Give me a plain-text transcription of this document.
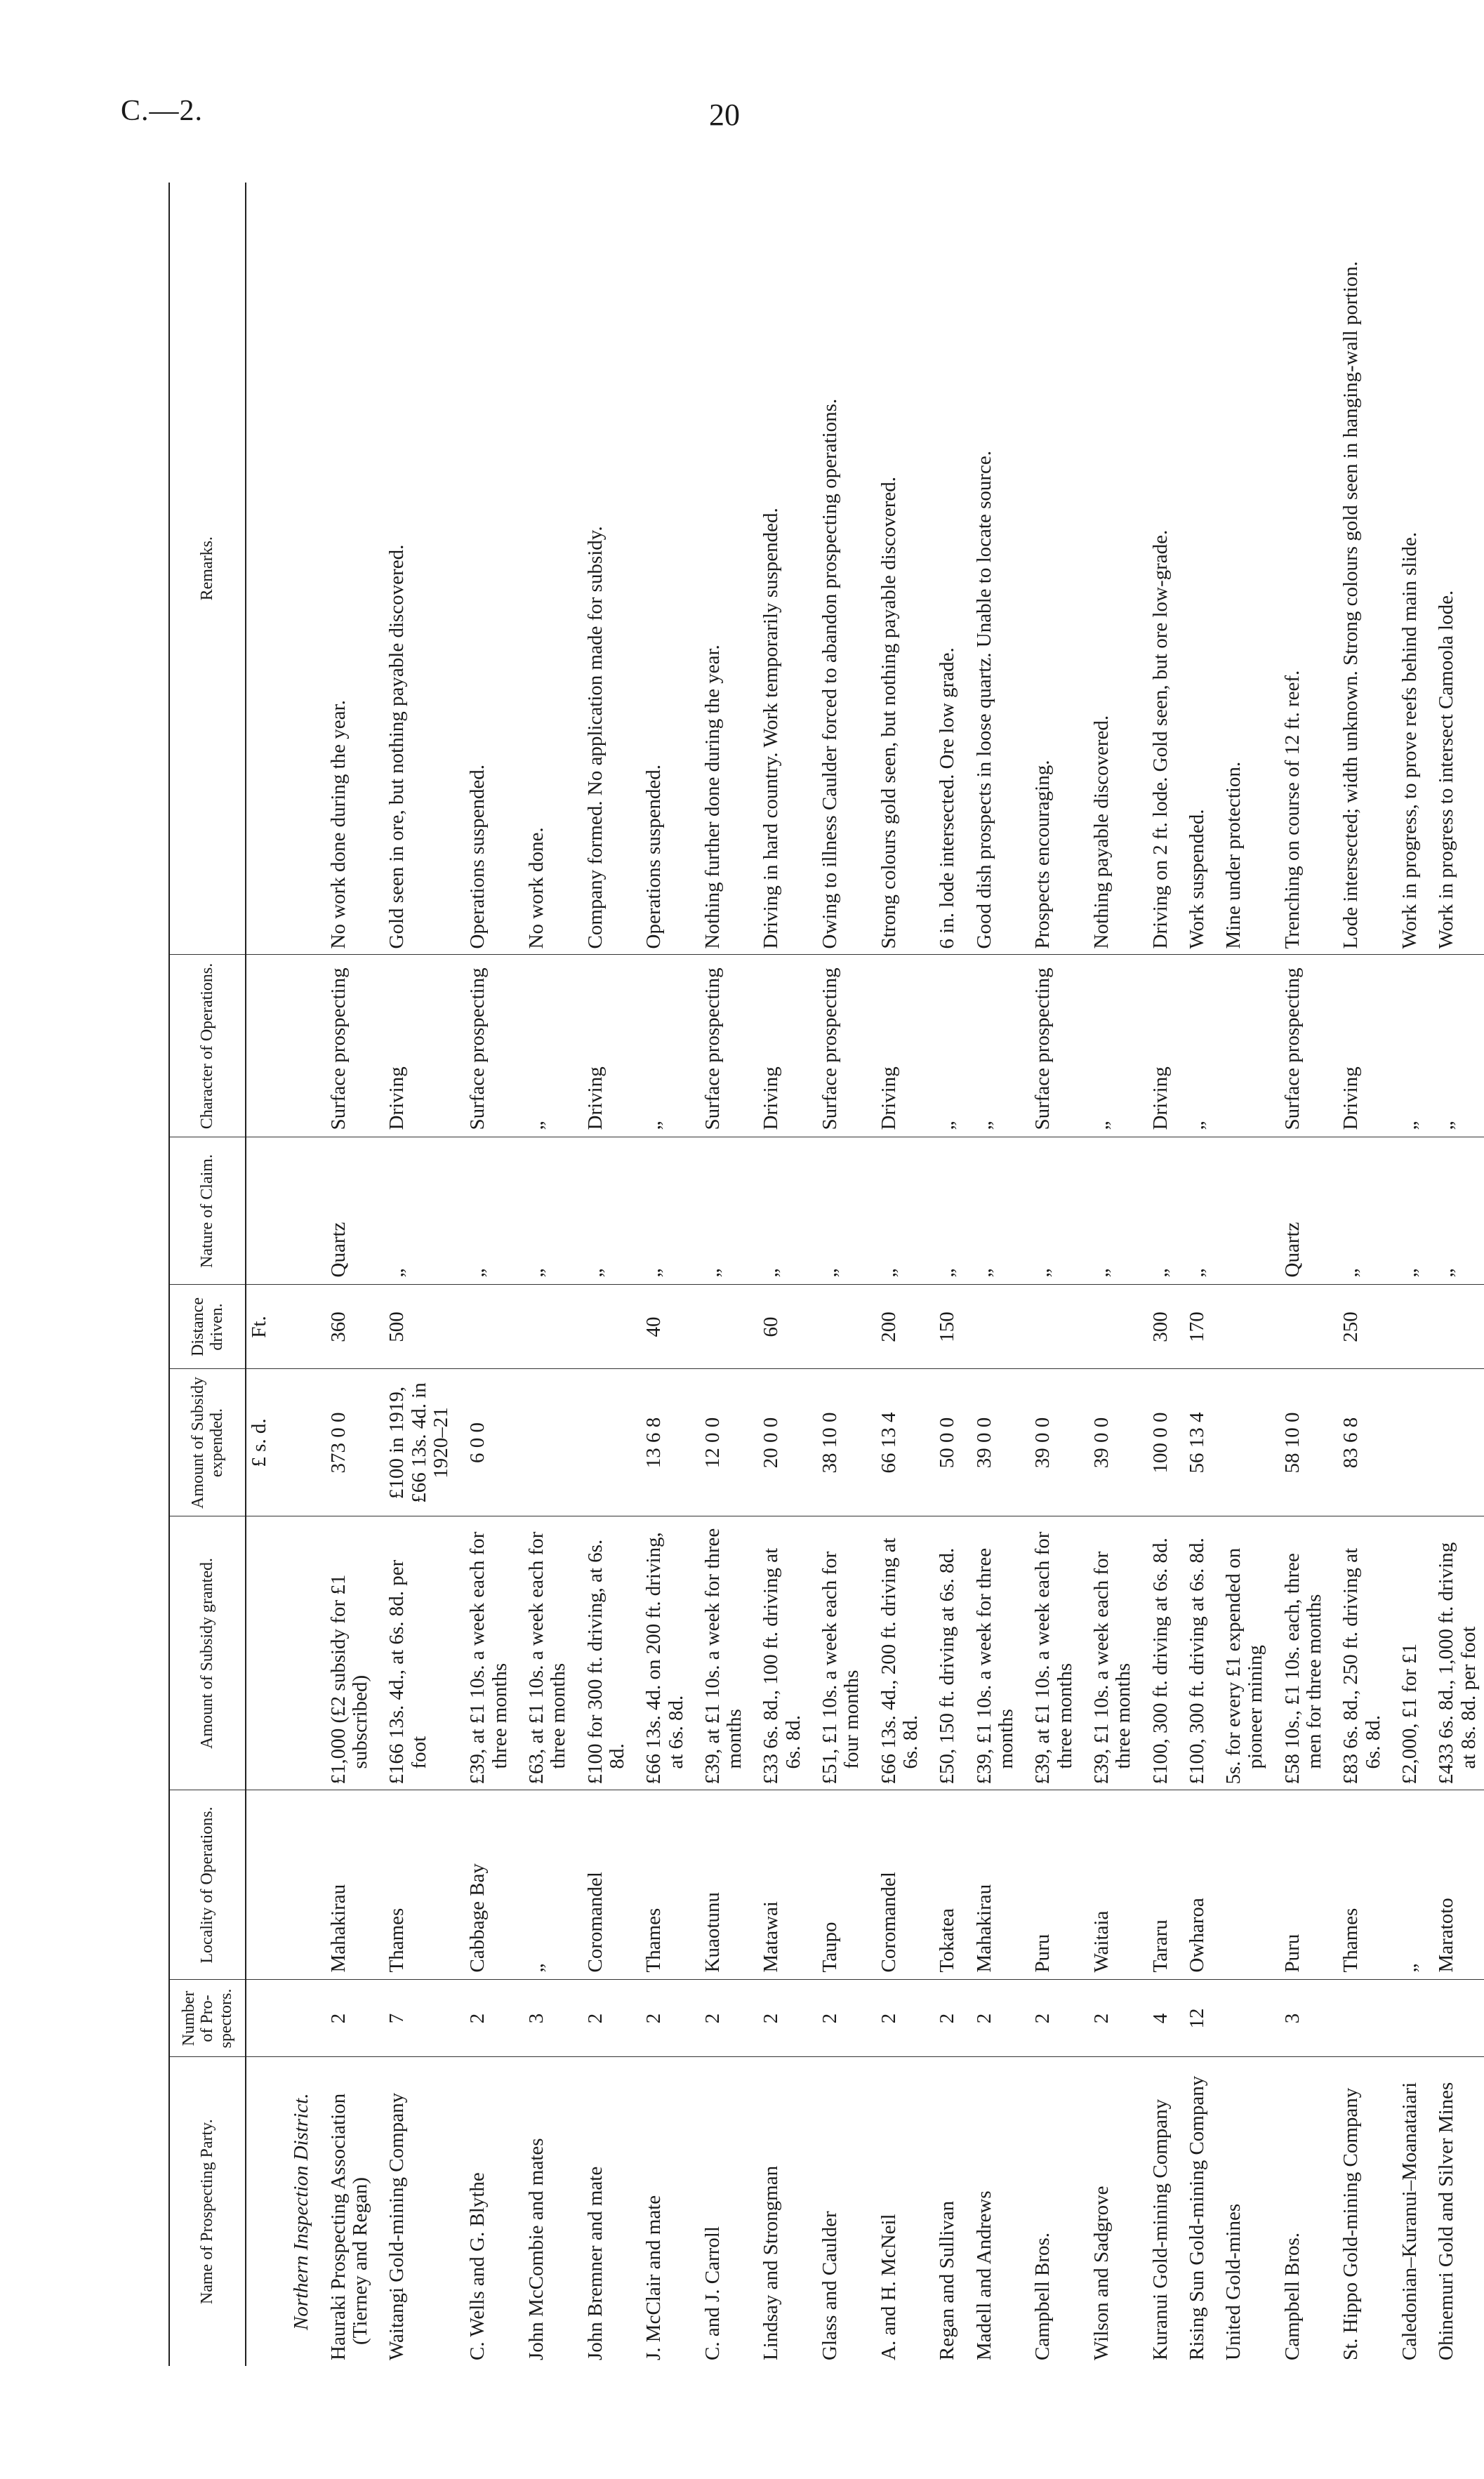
C.—2.	20
Name of Prospecting Party.	Number of Pro- spectors.	Locality of Operations.	Amount of Subsidy granted.	Amount of Subsidy expended.	Distance driven.	Nature of Claim.	Character of Operations.	Remarks.
				£ s. d.	Ft.			
Northern Inspection District.								
Hauraki Prospecting Association (Tierney and Regan)	2	Mahakirau	£1,000 (£2 subsidy for £1 subscribed)	373 0 0	360	Quartz	Surface prospecting	No work done during the year.
Waitangi Gold-mining Company	7	Thames	£166 13s. 4d., at 6s. 8d. per foot	£100 in 1919, £66 13s. 4d. in 1920–21	500	„	Driving	Gold seen in ore, but nothing payable discovered.
C. Wells and G. Blythe	2	Cabbage Bay	£39, at £1 10s. a week each for three months	6 0 0		„	Surface prospecting	Operations suspended.
John McCombie and mates	3	„	£63, at £1 10s. a week each for three months			„	„	No work done.
John Bremner and mate	2	Coromandel	£100 for 300 ft. driving, at 6s. 8d.			„	Driving	Company formed. No application made for subsidy.
J. McClair and mate	2	Thames	£66 13s. 4d. on 200 ft. driving, at 6s. 8d.	13 6 8	40	„	„	Operations suspended.
C. and J. Carroll	2	Kuaotunu	£39, at £1 10s. a week for three months	12 0 0		„	Surface prospecting	Nothing further done during the year.
Lindsay and Strongman	2	Matawai	£33 6s. 8d., 100 ft. driving at 6s. 8d.	20 0 0	60	„	Driving	Driving in hard country. Work temporarily suspended.
Glass and Caulder	2	Taupo	£51, £1 10s. a week each for four months	38 10 0		„	Surface prospecting	Owing to illness Caulder forced to abandon prospecting operations.
A. and H. McNeil	2	Coromandel	£66 13s. 4d., 200 ft. driving at 6s. 8d.	66 13 4	200	„	Driving	Strong colours gold seen, but nothing payable discovered.
Regan and Sullivan	2	Tokatea	£50, 150 ft. driving at 6s. 8d.	50 0 0	150	„	„	6 in. lode intersected. Ore low grade.
Madell and Andrews	2	Mahakirau	£39, £1 10s. a week for three months	39 0 0		„	„	Good dish prospects in loose quartz. Unable to locate source.
Campbell Bros.	2	Puru	£39, at £1 10s. a week each for three months	39 0 0		„	Surface prospecting	Prospects encouraging.
Wilson and Sadgrove	2	Waitaia	£39, £1 10s. a week each for three months	39 0 0		„	„	Nothing payable discovered.
Kuranui Gold-mining Company	4	Tararu	£100, 300 ft. driving at 6s. 8d.	100 0 0	300	„	Driving	Driving on 2 ft. lode. Gold seen, but ore low-grade.
Rising Sun Gold-mining Company	12	Owharoa	£100, 300 ft. driving at 6s. 8d.	56 13 4	170	„	„	Work suspended.
United Gold-mines			5s. for every £1 expended on pioneer mining					Mine under protection.
Campbell Bros.	3	Puru	£58 10s., £1 10s. each, three men for three months	58 10 0		Quartz	Surface prospecting	Trenching on course of 12 ft. reef.
St. Hippo Gold-mining Company		Thames	£83 6s. 8d., 250 ft. driving at 6s. 8d.	83 6 8	250	„	Driving	Lode intersected; width unknown. Strong colours gold seen in hanging-wall portion.
Caledonian–Kuranui–Moanataiari		„	£2,000, £1 for £1			„	„	Work in progress, to prove reefs behind main slide.
Ohinemuri Gold and Silver Mines		Maratoto	£433 6s. 8d., 1,000 ft. driving at 8s. 8d. per foot			„	„	Work in progress to intersect Camoola lode.
